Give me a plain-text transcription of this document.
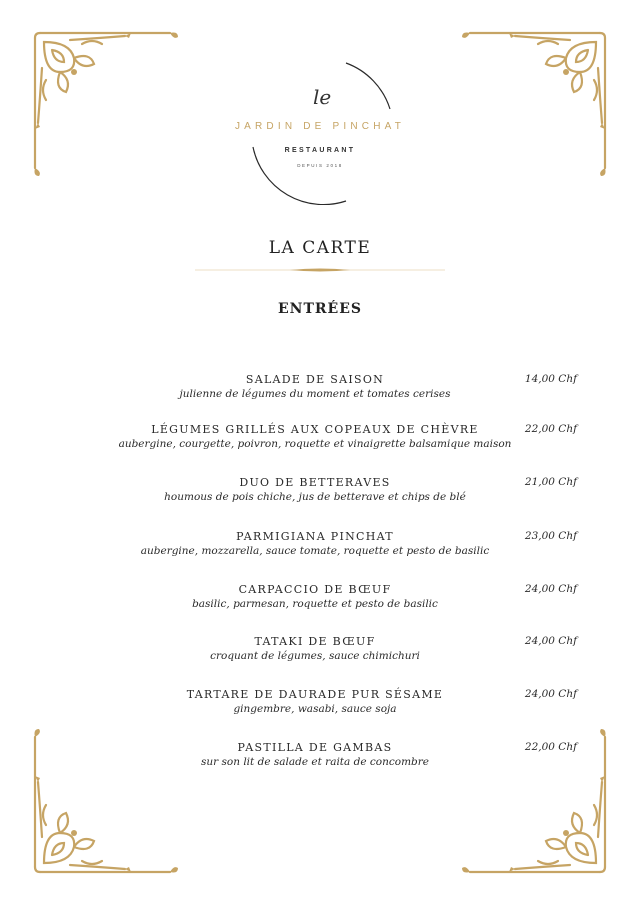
le
JARDIN DE PINCHAT
RESTAURANT
DEPUIS 2018
LA CARTE
ENTRÉES
SALADE DE SAISON
julienne de légumes du moment et tomates cerises
14,00 Chf
LÉGUMES GRILLÉS AUX COPEAUX DE CHÈVRE
aubergine, courgette, poivron, roquette et vinaigrette balsamique maison
22,00 Chf
DUO DE BETTERAVES
houmous de pois chiche, jus de betterave et chips de blé
21,00 Chf
PARMIGIANA PINCHAT
aubergine, mozzarella, sauce tomate, roquette et pesto de basilic
23,00 Chf
CARPACCIO DE BŒUF
basilic, parmesan, roquette et pesto de basilic
24,00 Chf
TATAKI DE BŒUF
croquant de légumes, sauce chimichuri
24,00 Chf
TARTARE DE DAURADE PUR SÉSAME
gingembre, wasabi, sauce soja
24,00 Chf
PASTILLA DE GAMBAS
sur son lit de salade et raita de concombre
22,00 Chf
